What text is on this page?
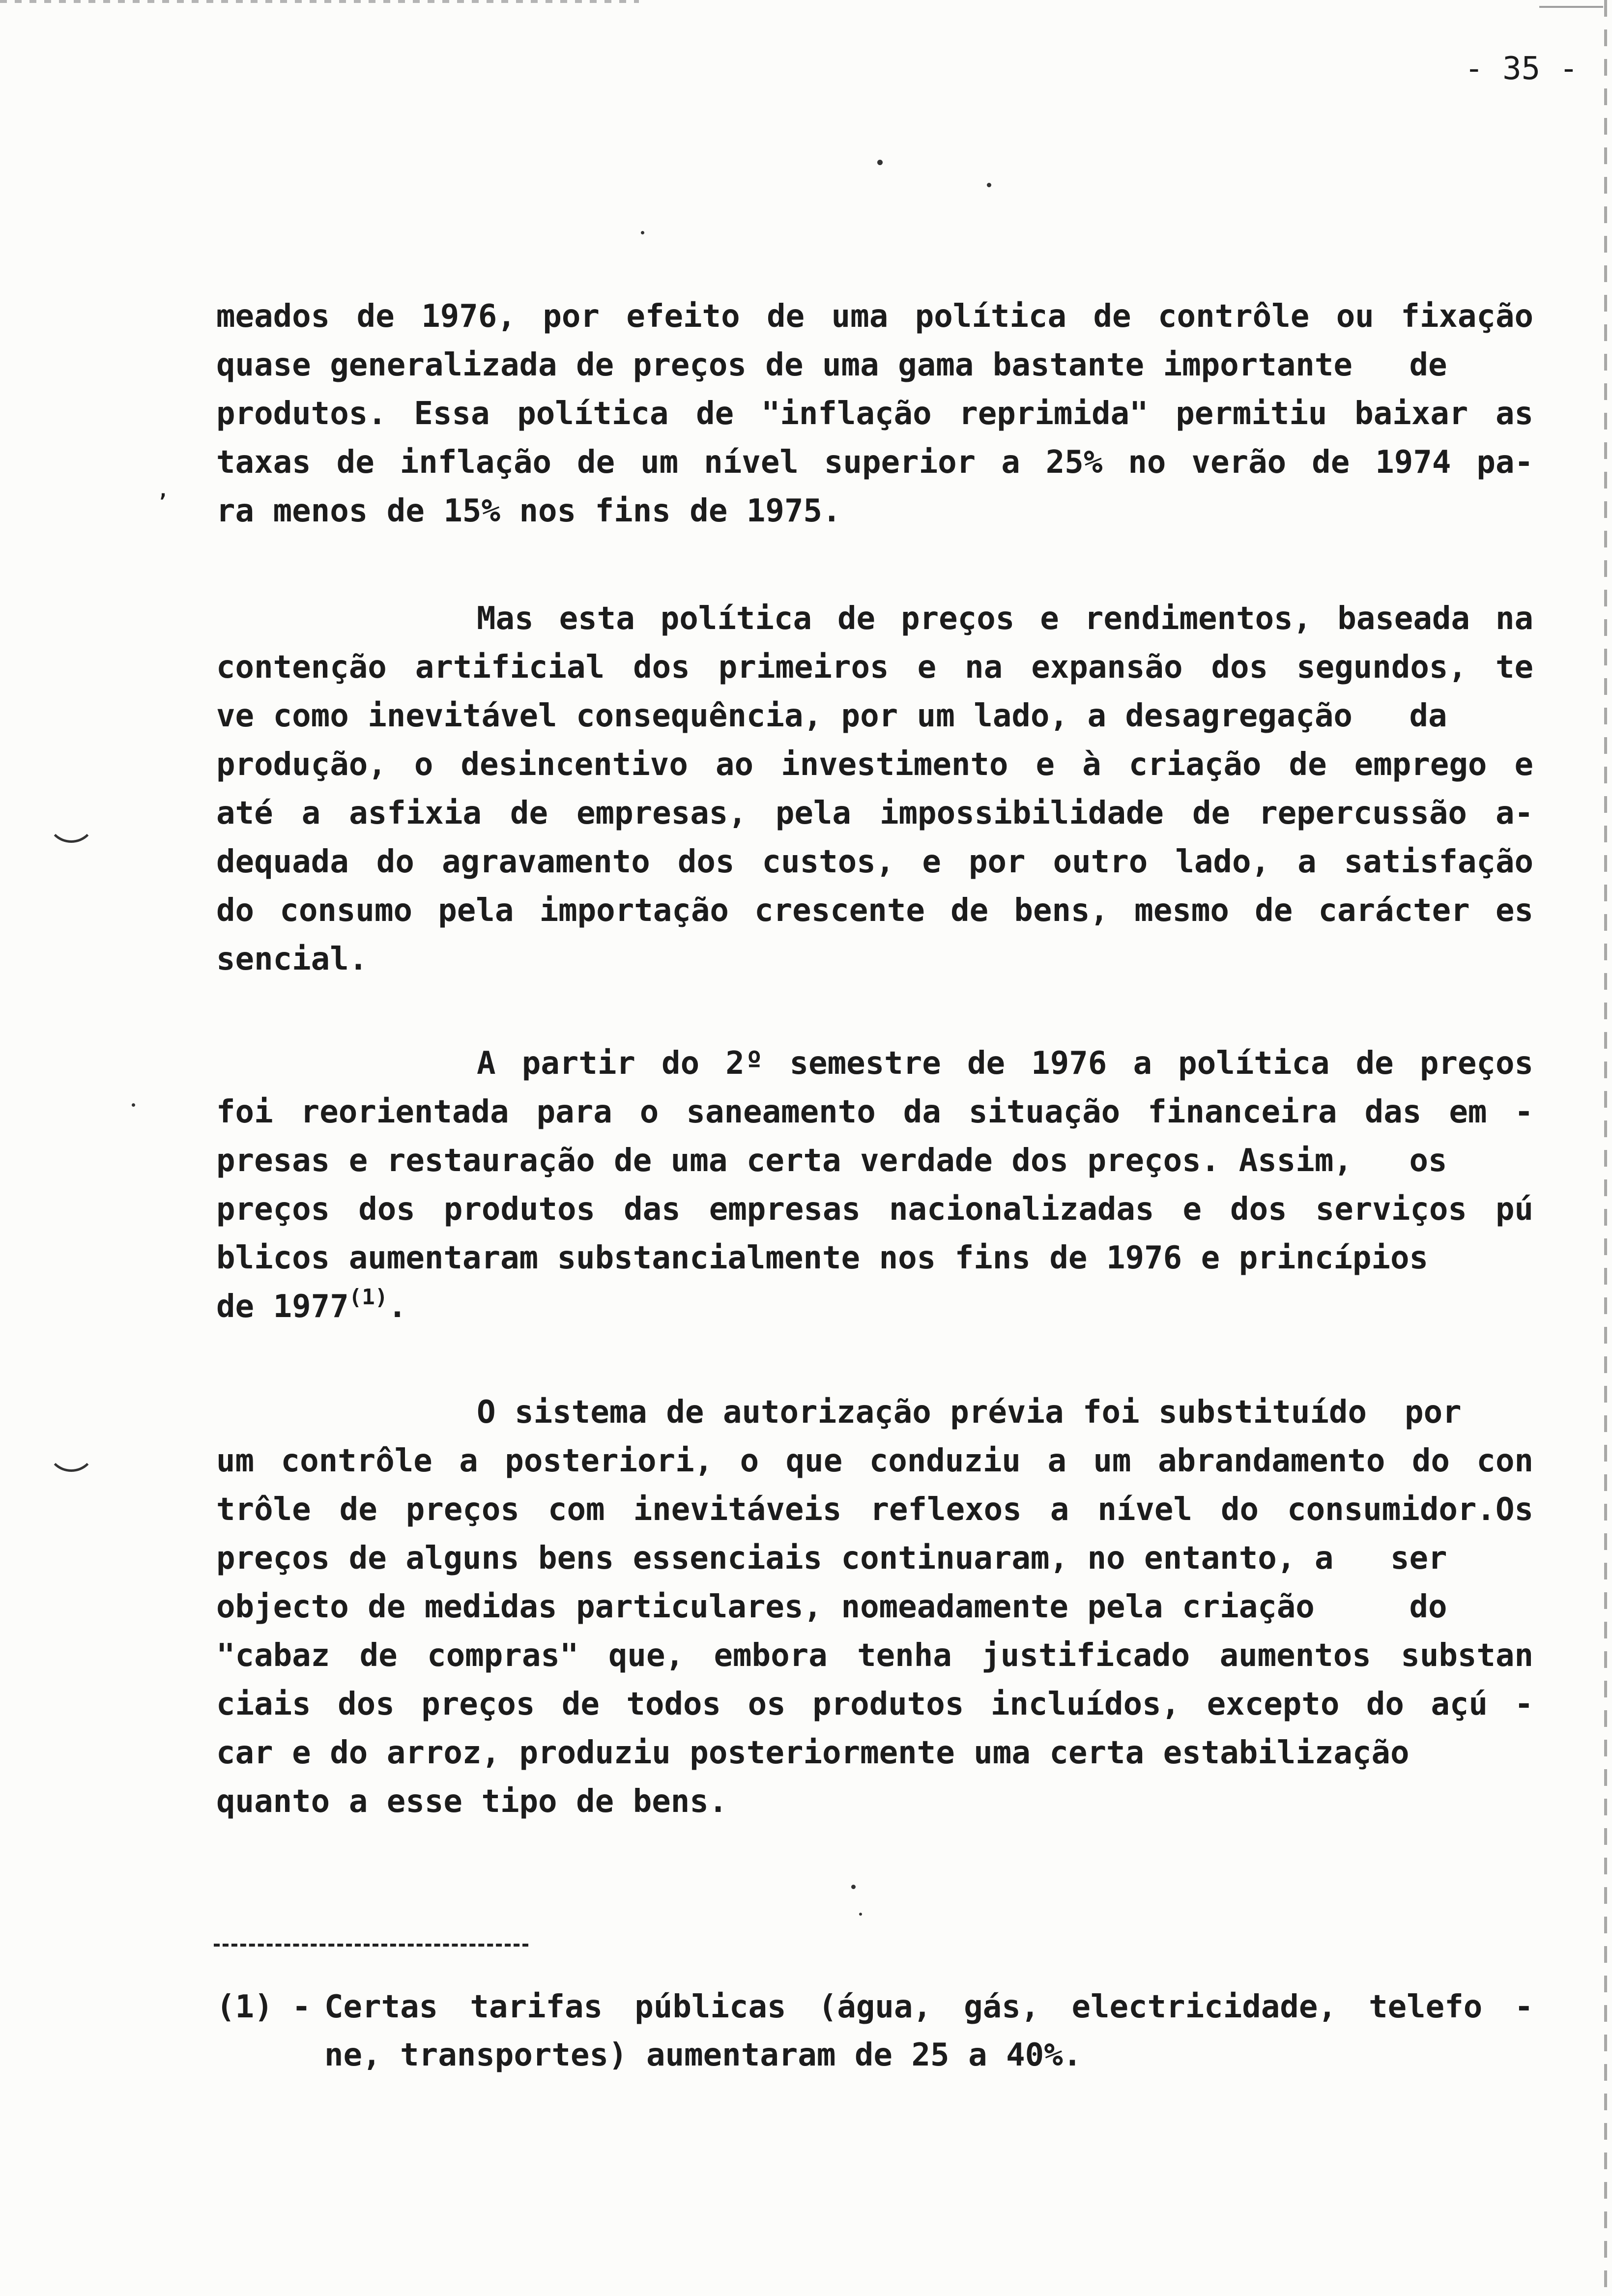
,
- 35 -
meados de 1976, por efeito de uma política de contrôle ou fixação
quase generalizada de preços de uma gama bastante importante   de
produtos. Essa política de "inflação reprimida" permitiu baixar as
taxas de inflação de um nível superior a 25% no verão de 1974 pa-
ra menos de 15% nos fins de 1975.
Mas esta política de preços e rendimentos, baseada na
contenção artificial dos primeiros e na expansão dos segundos, te
ve como inevitável consequência, por um lado, a desagregação   da
produção, o desincentivo ao investimento e à criação de emprego e
até a asfixia de empresas, pela impossibilidade de repercussão a-
dequada do agravamento dos custos, e por outro lado, a satisfação
do consumo pela importação crescente de bens, mesmo de carácter es
sencial.
A partir do 2º semestre de 1976 a política de preços
foi reorientada para o saneamento da situação financeira das em -
presas e restauração de uma certa verdade dos preços. Assim,   os
preços dos produtos das empresas nacionalizadas e dos serviços pú
blicos aumentaram substancialmente nos fins de 1976 e princípios
de 1977$^{(1)}$.
O sistema de autorização prévia foi substituído  por
um contrôle a posteriori, o que conduziu a um abrandamento do con
trôle de preços com inevitáveis reflexos a nível do consumidor.Os
preços de alguns bens essenciais continuaram, no entanto, a   ser
objecto de medidas particulares, nomeadamente pela criação     do
"cabaz de compras" que, embora tenha justificado aumentos substan
ciais dos preços de todos os produtos incluídos, excepto do açú -
car e do arroz, produziu posteriormente uma certa estabilização
quanto a esse tipo de bens.
(1) - Certas tarifas públicas (água, gás, electricidade, telefo -
ne, transportes) aumentaram de 25 a 40%.
